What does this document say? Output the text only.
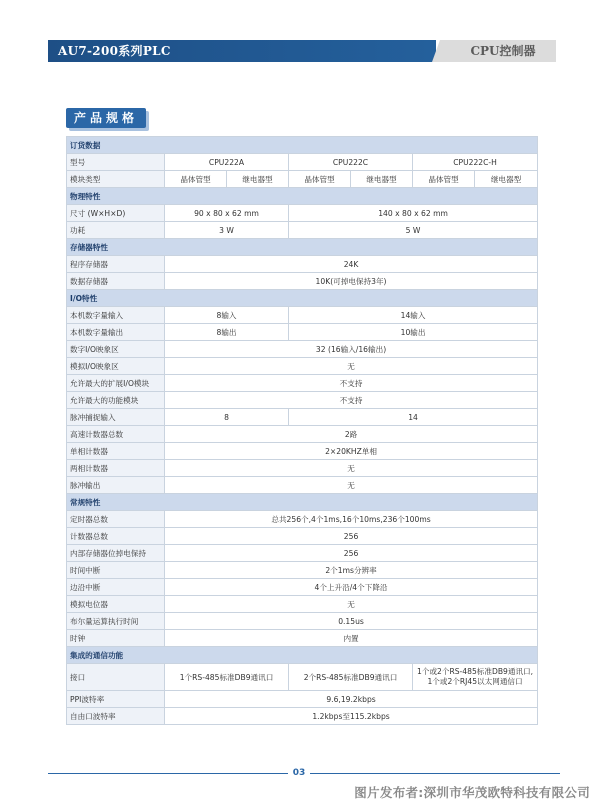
AU7-200系列PLC	CPU控制器
产品规格
订货数据						
型号	CPU222A		CPU222C		CPU222C-H	
模块类型	晶体管型	继电器型	晶体管型	继电器型	晶体管型	继电器型
物理特性						
尺寸 (W×H×D)	90 x 80 x 62 mm		140 x 80 x 62 mm			
功耗	3 W		5 W			
存储器特性						
程序存储器	24K					
数据存储器	10K(可掉电保持3年)					
I/O特性						
本机数字量输入	8输入		14输入			
本机数字量输出	8输出		10输出			
数字I/O映象区	32 (16输入/16输出)					
模拟I/O映象区	无					
允许最大的扩展I/O模块	不支持					
允许最大的功能模块	不支持					
脉冲捕捉输入	8		14			
高速计数器总数	2路					
单相计数器	2×20KHZ单相					
两相计数器	无					
脉冲输出	无					
常规特性						
定时器总数	总共256个,4个1ms,16个10ms,236个100ms					
计数器总数	256					
内部存储器位掉电保持	256					
时间中断	2个1ms分辨率					
边沿中断	4个上升沿/4个下降沿					
模拟电位器	无					
布尔量运算执行时间	0.15us					
时钟	内置					
集成的通信功能						
接口	1个RS-485标准DB9通讯口		2个RS-485标准DB9通讯口		1个或2个RS-485标准DB9通讯口,
1个或2个RJ45以太网通信口	

PPI波特率	9.6,19.2kbps					
自由口波特率	1.2kbps至115.2kbps					
03
图片发布者:深圳市华茂欧特科技有限公司
